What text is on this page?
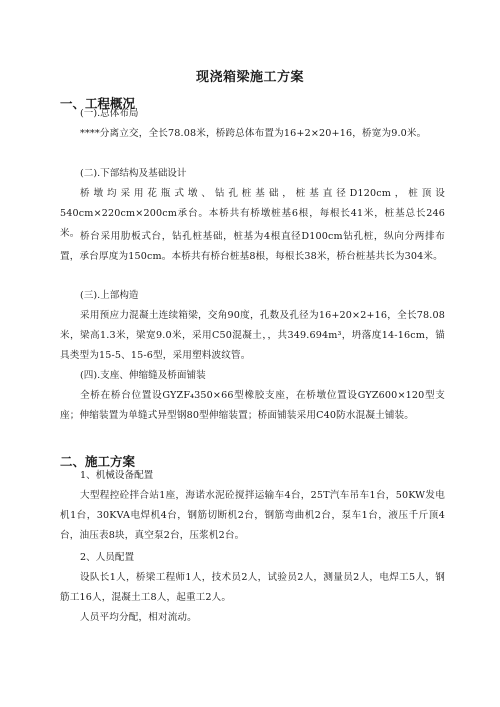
现浇箱梁施工方案
一、工程概况
(一).总体布局
****分离立交，全长78.08米，桥跨总体布置为16+2×20+16，桥宽为9.0米。
(二).下部结构及基础设计
桥墩均采用花瓶式墩、钻孔桩基础，桩基直径D120cm，桩顶设540cm×220cm×200cm承台。本桥共有桥墩桩基6根，每根长41米，桩基总长246米。 桥台采用肋板式台，钻孔桩基础，桩基为4根直径D100cm钻孔桩，纵向分两排布置，承台厚度为150cm。本桥共有桥台桩基8根，每根长38米，桥台桩基共长为304米。
(三).上部构造
采用预应力混凝土连续箱梁，交角90度，孔数及孔径为16+20×2+16，全长78.08米，梁高1.3米，梁宽9.0米，采用C50混凝土，，共349.694m³，坍落度14-16cm，锚具类型为15-5、15-6型，采用塑料波纹管。
(四).支座、伸缩缝及桥面铺装
全桥在桥台位置设GYZF₄350×66型橡胶支座，在桥墩位置设GYZ600×120型支座；伸缩装置为单缝式异型钢80型伸缩装置；桥面铺装采用C40防水混凝土铺装。
二、施工方案
1、机械设备配置
大型程控砼拌合站1座，海诺水泥砼搅拌运输车4台，25T汽车吊车1台，50KW发电机1台，30KVA电焊机4台，钢筋切断机2台，钢筋弯曲机2台，泵车1台，液压千斤顶4台，油压表8块，真空泵2台，压浆机2台。
2、人员配置
设队长1人，桥梁工程师1人，技术员2人，试验员2人，测量员2人，电焊工5人，钢筋工16人，混凝土工8人，起重工2人。
人员平均分配，相对流动。
